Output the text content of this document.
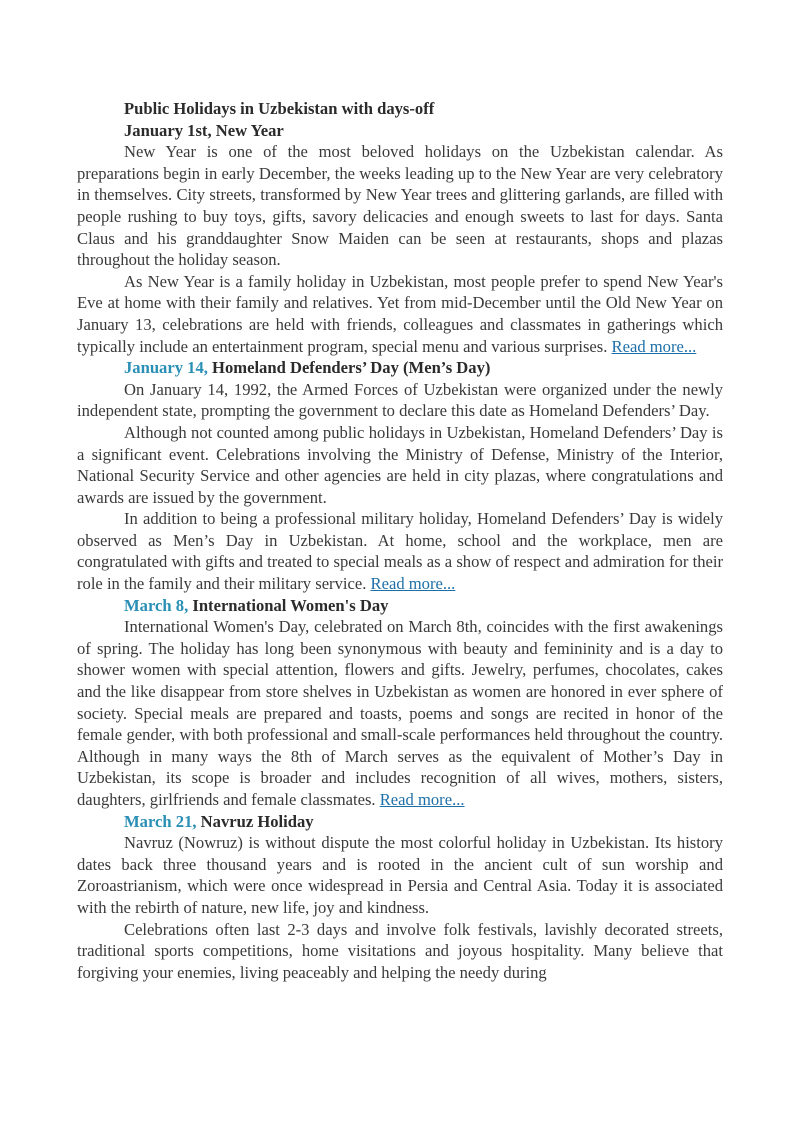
Public Holidays in Uzbekistan with days-off

January 1st, New Year

New Year is one of the most beloved holidays on the Uzbekistan calendar. As preparations begin in early December, the weeks leading up to the New Year are very celebratory in themselves. City streets, transformed by New Year trees and glittering garlands, are filled with people rushing to buy toys, gifts, savory delicacies and enough sweets to last for days. Santa Claus and his granddaughter Snow Maiden can be seen at restaurants, shops and plazas throughout the holiday season.

As New Year is a family holiday in Uzbekistan, most people prefer to spend New Year's Eve at home with their family and relatives. Yet from mid-December until the Old New Year on January 13, celebrations are held with friends, colleagues and classmates in gatherings which typically include an entertainment program, special menu and various surprises. Read more...

January 14, Homeland Defenders’ Day (Men’s Day)

On January 14, 1992, the Armed Forces of Uzbekistan were organized under the newly independent state, prompting the government to declare this date as Homeland Defenders’ Day.

Although not counted among public holidays in Uzbekistan, Homeland Defenders’ Day is a significant event. Celebrations involving the Ministry of Defense, Ministry of the Interior, National Security Service and other agencies are held in city plazas, where congratulations and awards are issued by the government.

In addition to being a professional military holiday, Homeland Defenders’ Day is widely observed as Men’s Day in Uzbekistan. At home, school and the workplace, men are congratulated with gifts and treated to special meals as a show of respect and admiration for their role in the family and their military service. Read more...

March 8, International Women's Day

International Women's Day, celebrated on March 8th, coincides with the first awakenings of spring. The holiday has long been synonymous with beauty and femininity and is a day to shower women with special attention, flowers and gifts. Jewelry, perfumes, chocolates, cakes and the like disappear from store shelves in Uzbekistan as women are honored in ever sphere of society. Special meals are prepared and toasts, poems and songs are recited in honor of the female gender, with both professional and small-scale performances held throughout the country. Although in many ways the 8th of March serves as the equivalent of Mother’s Day in Uzbekistan, its scope is broader and includes recognition of all wives, mothers, sisters, daughters, girlfriends and female classmates. Read more...

March 21, Navruz Holiday

Navruz (Nowruz) is without dispute the most colorful holiday in Uzbekistan. Its history dates back three thousand years and is rooted in the ancient cult of sun worship and Zoroastrianism, which were once widespread in Persia and Central Asia. Today it is associated with the rebirth of nature, new life, joy and kindness.

Celebrations often last 2-3 days and involve folk festivals, lavishly decorated streets, traditional sports competitions, home visitations and joyous hospitality. Many believe that forgiving your enemies, living peaceably and helping the needy during
